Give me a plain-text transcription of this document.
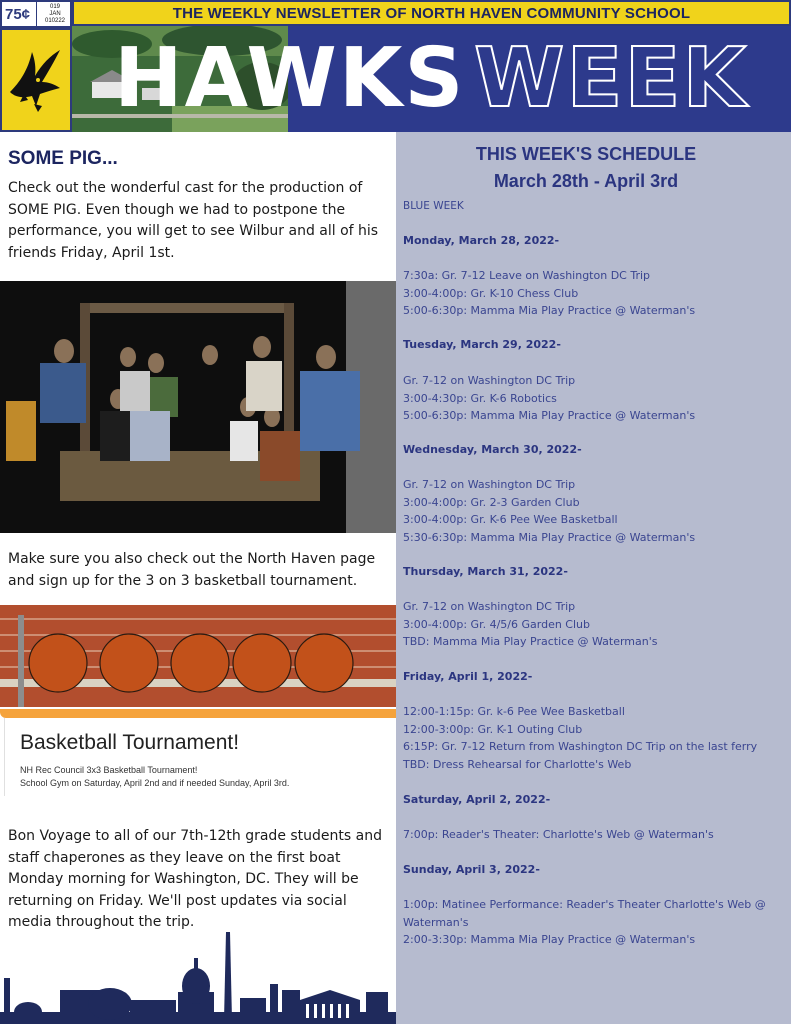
75¢	019
JAN
010222	THE WEEKLY NEWSLETTER OF NORTH HAVEN COMMUNITY SCHOOL
HAWKS WEEK
SOME PIG...

Check out the wonderful cast for the production of SOME PIG. Even though we had to postpone the performance, you will get to see Wilbur and all of his friends Friday, April 1st.

Make sure you also check out the North Haven page and sign up for the 3 on 3 basketball tournament.

Basketball Tournament!
NH Rec Council 3x3 Basketball Tournament!
School Gym on Saturday, April 2nd and if needed Sunday, April 3rd.

Bon Voyage to all of our 7th-12th grade students and staff chaperones as they leave on the first boat Monday morning for Washington, DC. They will be returning on Friday. We'll post updates via social media throughout the trip.

THIS WEEK'S SCHEDULE
March 28th - April 3rd
BLUE WEEK
Monday, March 28, 2022-
7:30a: Gr. 7-12 Leave on Washington DC Trip
3:00-4:00p: Gr. K-10 Chess Club
5:00-6:30p: Mamma Mia Play Practice @ Waterman's
Tuesday, March 29, 2022-
Gr. 7-12 on Washington DC Trip
3:00-4:30p: Gr. K-6 Robotics
5:00-6:30p: Mamma Mia Play Practice @ Waterman's
Wednesday, March 30, 2022-
Gr. 7-12 on Washington DC Trip
3:00-4:00p: Gr. 2-3 Garden Club
3:00-4:00p: Gr. K-6 Pee Wee Basketball
5:30-6:30p: Mamma Mia Play Practice @ Waterman's
Thursday, March 31, 2022-
Gr. 7-12 on Washington DC Trip
3:00-4:00p: Gr. 4/5/6 Garden Club
TBD: Mamma Mia Play Practice @ Waterman's
Friday, April 1, 2022-
12:00-1:15p: Gr. k-6 Pee Wee Basketball
12:00-3:00p: Gr. K-1 Outing Club
6:15P: Gr. 7-12 Return from Washington DC Trip on the last ferry
TBD: Dress Rehearsal for Charlotte's Web
Saturday, April 2, 2022-
7:00p: Reader's Theater: Charlotte's Web @ Waterman's
Sunday, April 3, 2022-
1:00p: Matinee Performance: Reader's Theater Charlotte's Web @ Waterman's
2:00-3:30p: Mamma Mia Play Practice @ Waterman's
